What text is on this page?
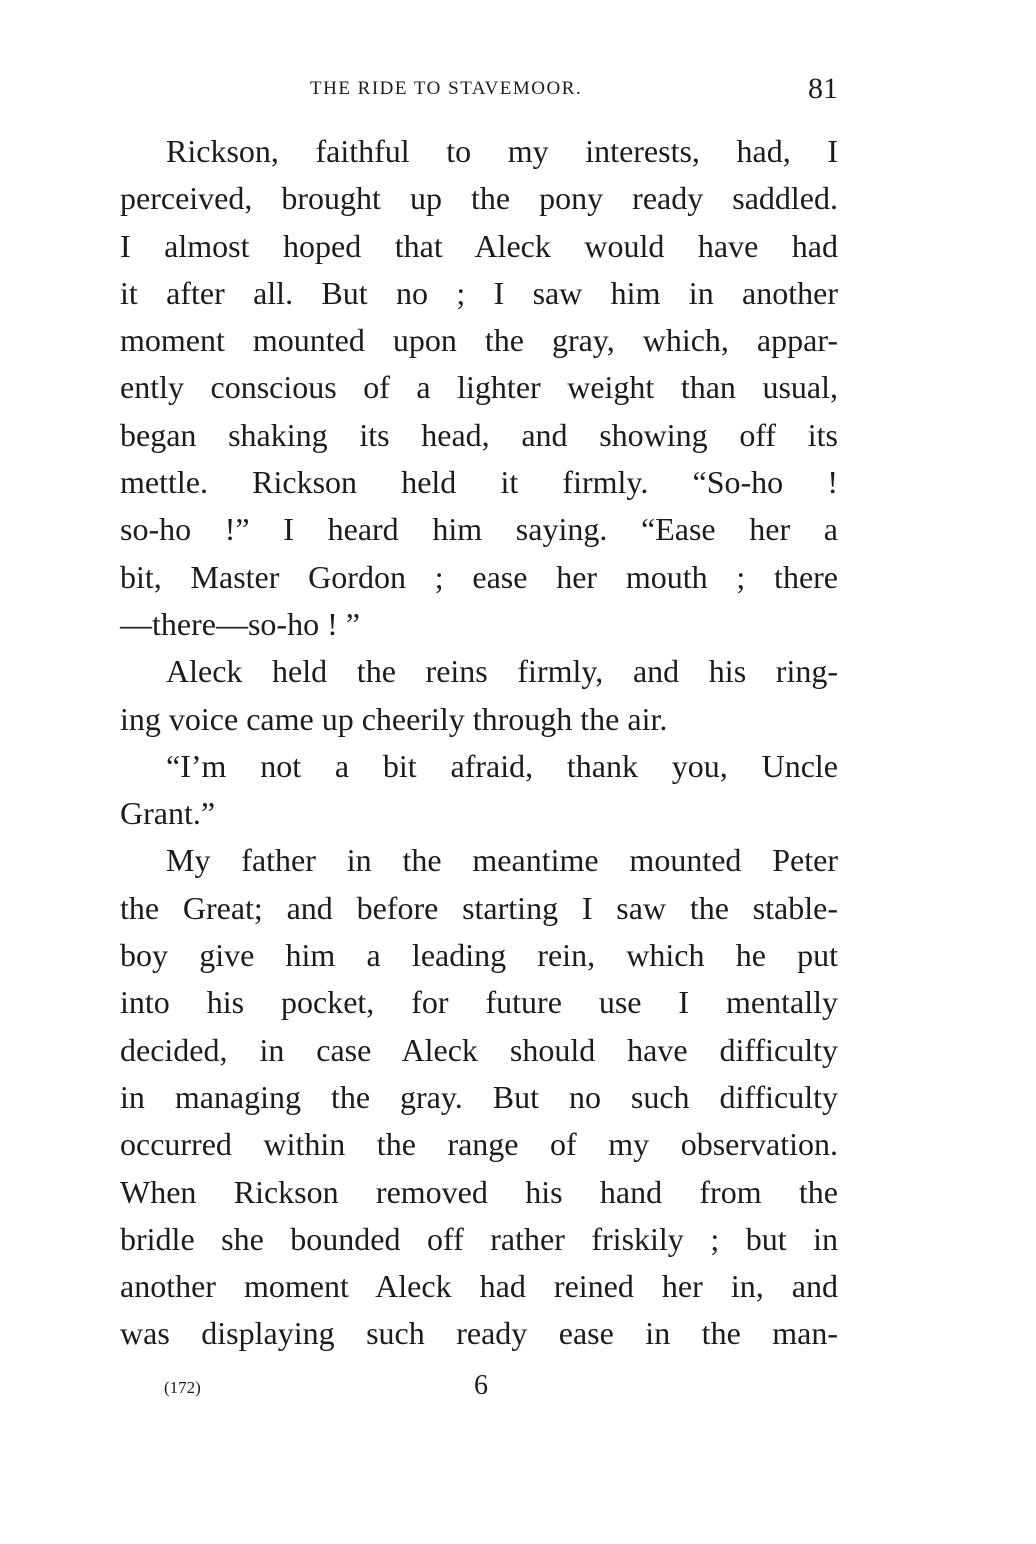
THE RIDE TO STAVEMOOR.	81
Rickson, faithful to my interests, had, I
perceived, brought up the pony ready saddled.
I almost hoped that Aleck would have had
it after all. But no ; I saw him in another
moment mounted upon the gray, which, appar-
ently conscious of a lighter weight than usual,
began shaking its head, and showing off its
mettle. Rickson held it firmly. “So-ho !
so-ho !” I heard him saying. “Ease her a
bit, Master Gordon ; ease her mouth ; there
—there—so-ho ! ”
Aleck held the reins firmly, and his ring-
ing voice came up cheerily through the air.
“I’m not a bit afraid, thank you, Uncle
Grant.”
My father in the meantime mounted Peter
the Great; and before starting I saw the stable-
boy give him a leading rein, which he put
into his pocket, for future use I mentally
decided, in case Aleck should have difficulty
in managing the gray. But no such difficulty
occurred within the range of my observation.
When Rickson removed his hand from the
bridle she bounded off rather friskily ; but in
another moment Aleck had reined her in, and
was displaying such ready ease in the man-
(172)	6
